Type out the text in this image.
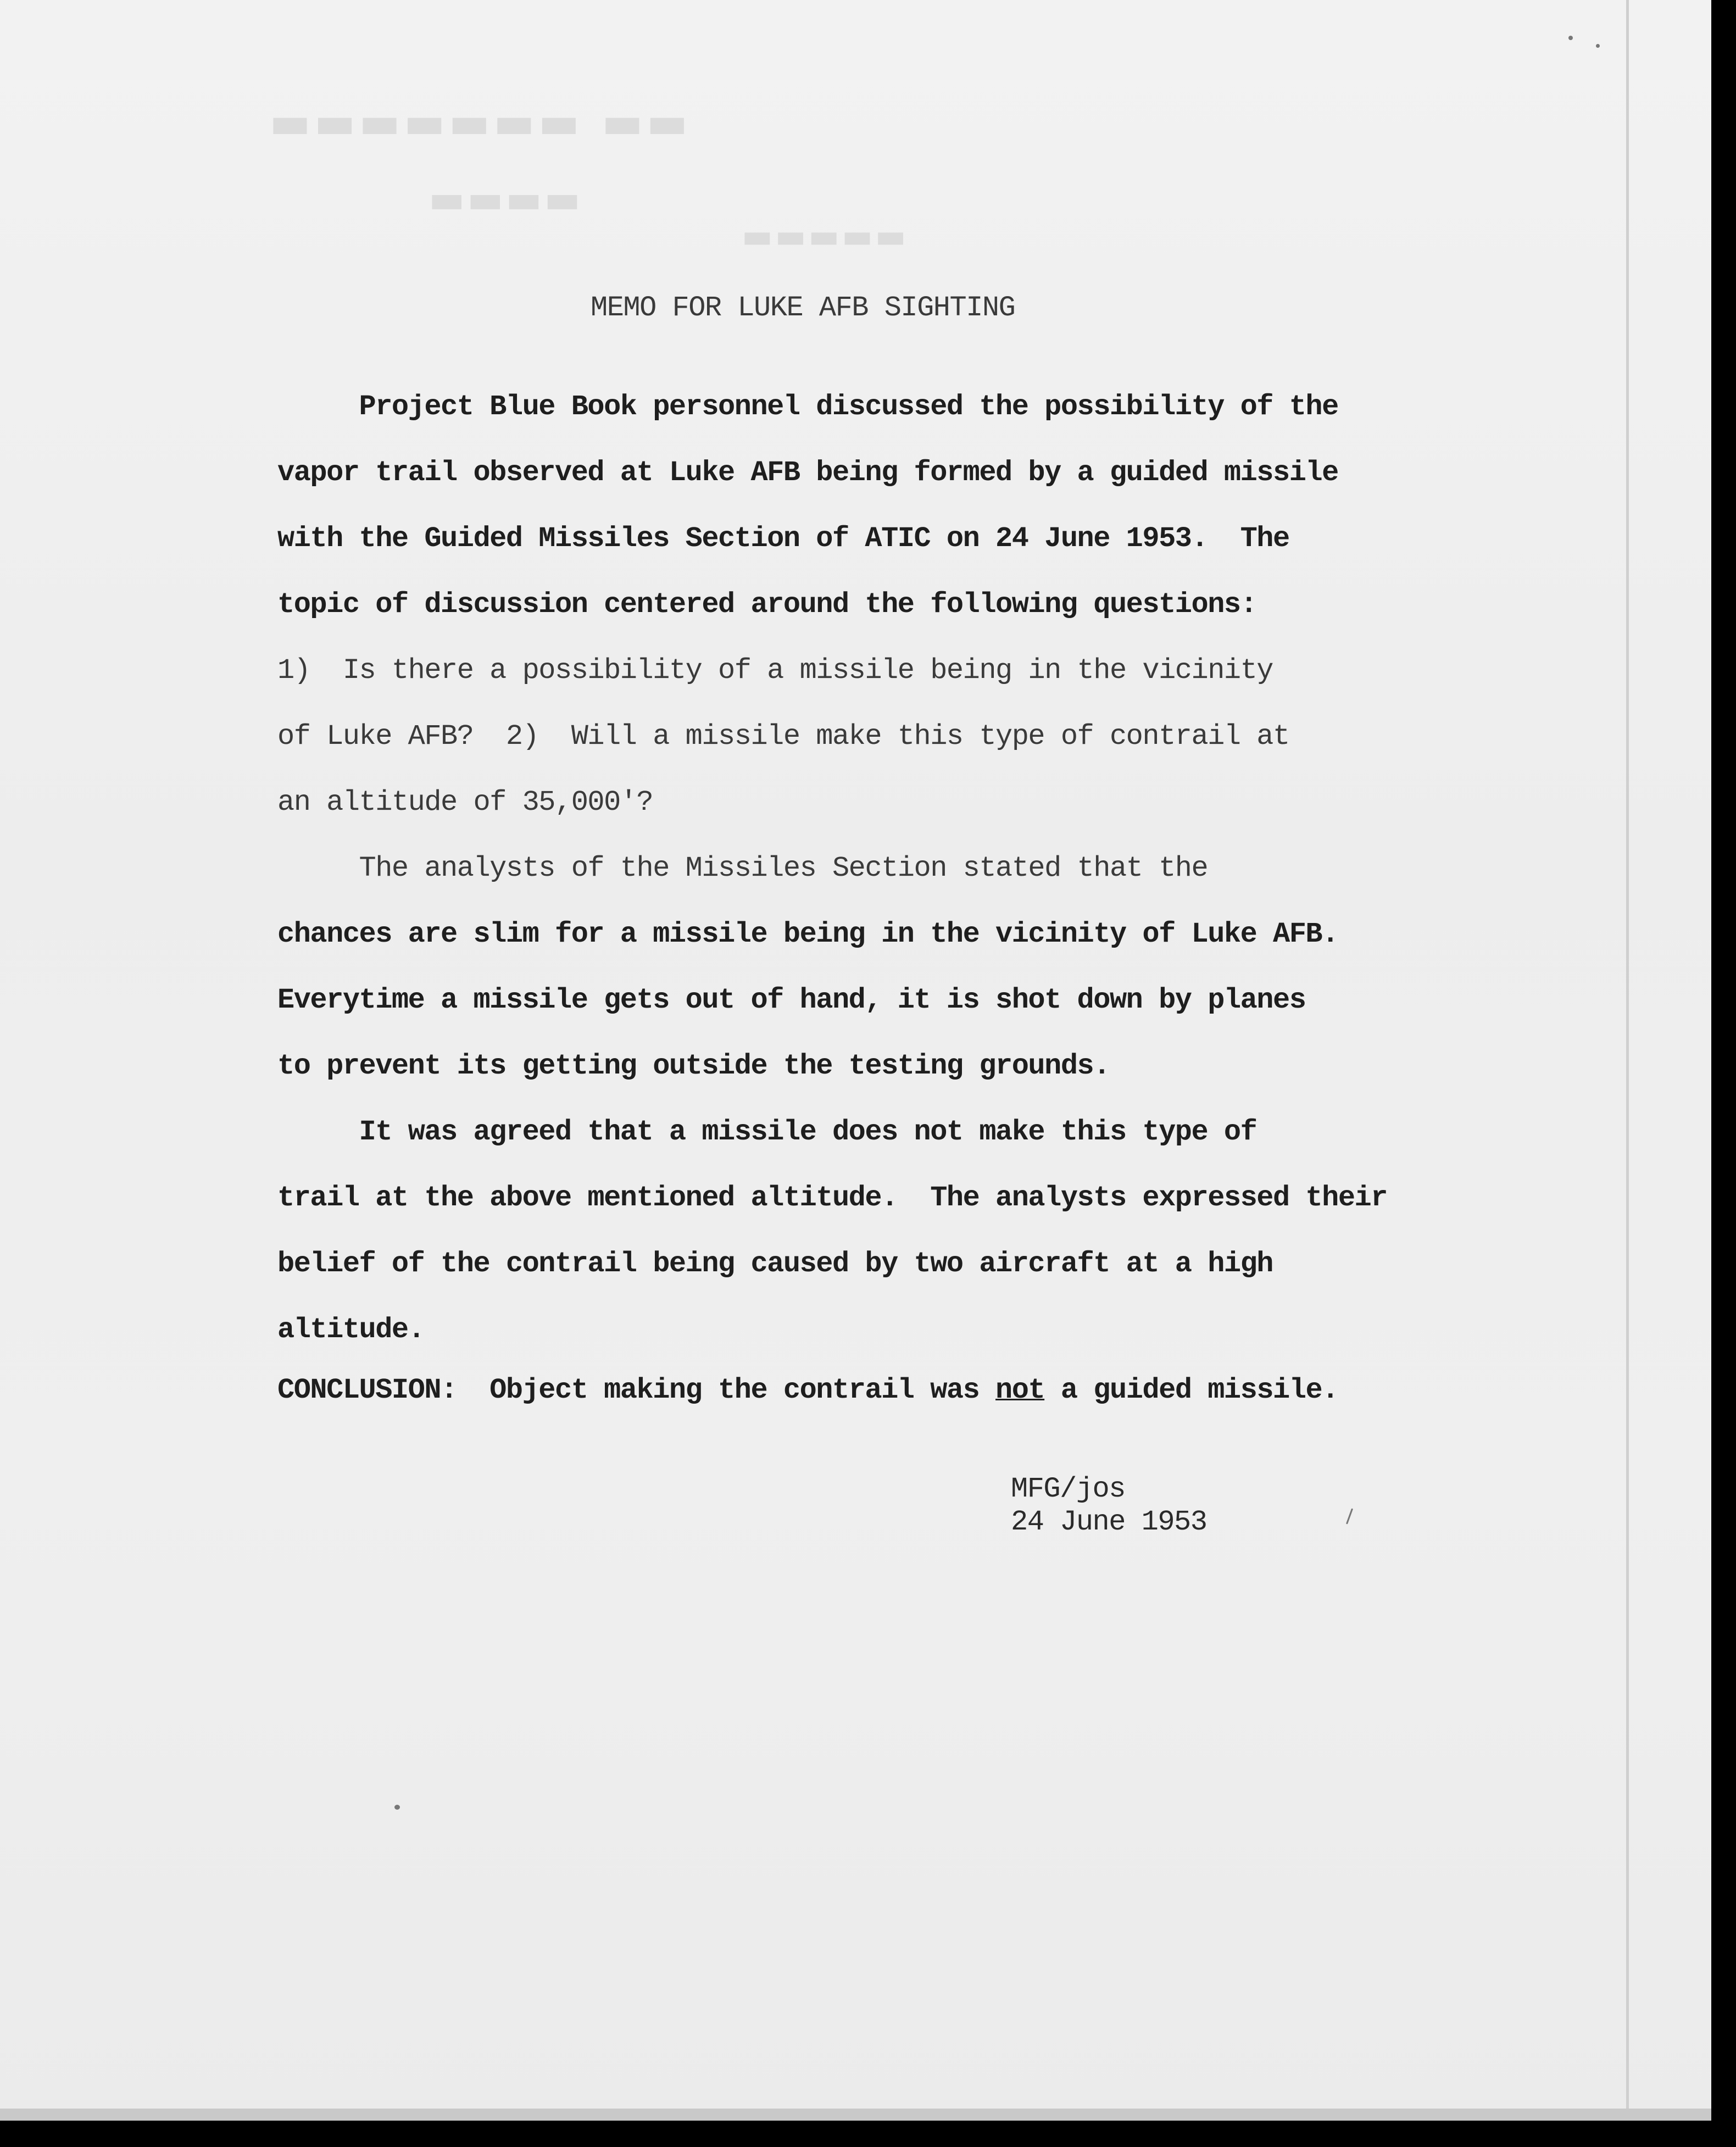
▬▬▬▬▬▬▬ ▬▬
▬▬▬▬
▬▬▬▬▬
MEMO FOR LUKE AFB SIGHTING
Project Blue Book personnel discussed the possibility of the
vapor trail observed at Luke AFB being formed by a guided missile
with the Guided Missiles Section of ATIC on 24 June 1953.  The
topic of discussion centered around the following questions:
1)  Is there a possibility of a missile being in the vicinity
of Luke AFB?  2)  Will a missile make this type of contrail at
an altitude of 35,000'?
The analysts of the Missiles Section stated that the
chances are slim for a missile being in the vicinity of Luke AFB.
Everytime a missile gets out of hand, it is shot down by planes
to prevent its getting outside the testing grounds.
It was agreed that a missile does not make this type of
trail at the above mentioned altitude.  The analysts expressed their
belief of the contrail being caused by two aircraft at a high
altitude.
CONCLUSION:  Object making the contrail was not a guided missile.
MFG/jos
24 June 1953
